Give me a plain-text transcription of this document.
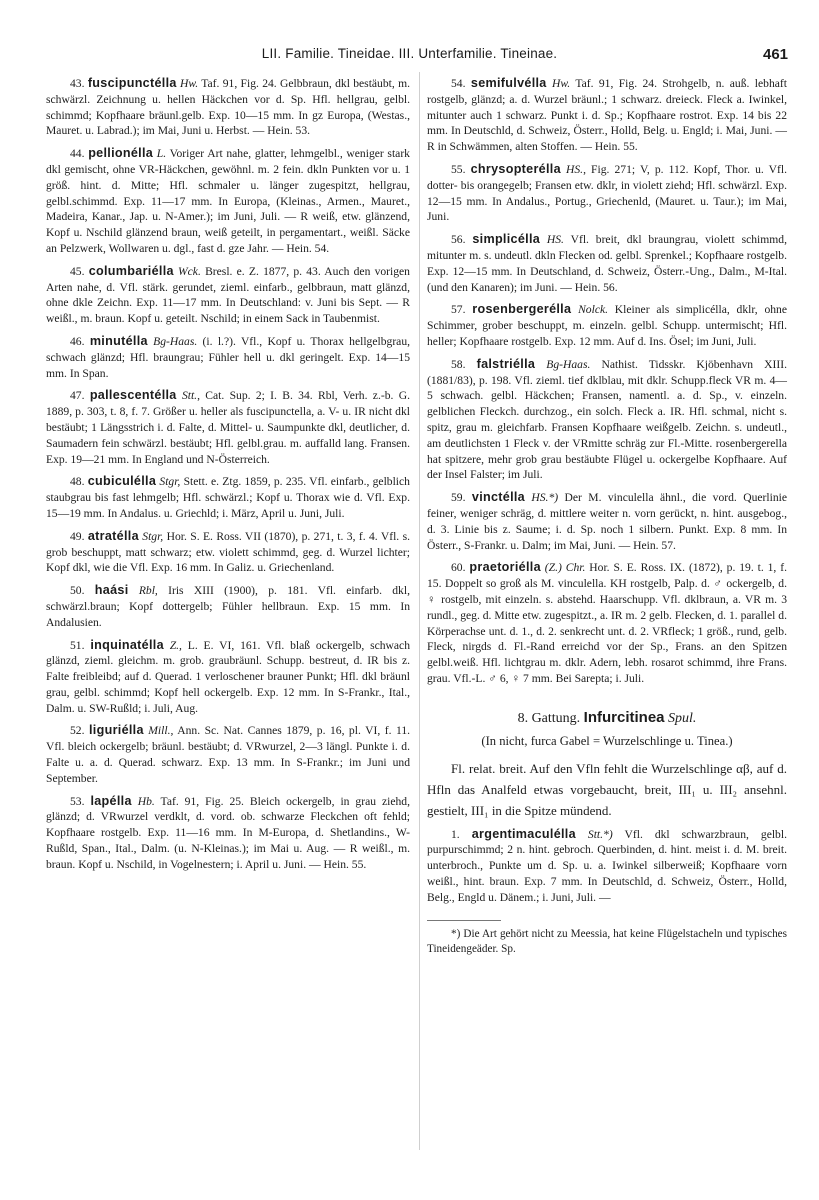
LII. Familie. Tineidae. III. Unterfamilie. Tineinae.	461

43. fuscipunctélla Hw. Taf. 91, Fig. 24. Gelbbraun, dkl bestäubt, m. schwärzl. Zeichnung u. hellen Häckchen vor d. Sp. Hfl. hellgrau, gelbl. schimmd; Kopfhaare bräunl.gelb. Exp. 10—15 mm. In gz Europa, (Westas., Mauret. u. Labrad.); im Mai, Juni u. Herbst. — Hein. 53.

44. pellionélla L. Voriger Art nahe, glatter, lehmgelbl., weniger stark dkl gemischt, ohne VR-Häckchen, gewöhnl. m. 2 fein. dkln Punkten vor u. 1 größ. hint. d. Mitte; Hfl. schmaler u. länger zugespitzt, hellgrau, gelbl.schimmd. Exp. 11—17 mm. In Europa, (Kleinas., Armen., Mauret., Madeira, Kanar., Jap. u. N-Amer.); im Juni, Juli. — R weiß, etw. glänzend, Kopf u. Nschild glänzend braun, weiß geteilt, in pergamentart., weißl. Säcke an Pelzwerk, Wollwaren u. dgl., fast d. gze Jahr. — Hein. 54.

45. columbariélla Wck. Bresl. e. Z. 1877, p. 43. Auch den vorigen Arten nahe, d. Vfl. stärk. gerundet, zieml. einfarb., gelbbraun, matt glänzd, ohne dkle Zeichn. Exp. 11—17 mm. In Deutschland: v. Juni bis Sept. — R weißl., m. braun. Kopf u. geteilt. Nschild; in einem Sack in Taubenmist.

46. minutélla Bg-Haas. (i. l.?). Vfl., Kopf u. Thorax hellgelbgrau, schwach glänzd; Hfl. braungrau; Fühler hell u. dkl geringelt. Exp. 14—15 mm. In Span.

47. pallescentélla Stt., Cat. Sup. 2; I. B. 34. Rbl, Verh. z.-b. G. 1889, p. 303, t. 8, f. 7. Größer u. heller als fuscipunctella, a. V- u. IR nicht dkl bestäubt; 1 Längsstrich i. d. Falte, d. Mittel- u. Saumpunkte dkl, deutlicher, d. Saumadern fein schwärzl. bestäubt; Hfl. gelbl.grau. m. auffalld lang. Fransen. Exp. 19—21 mm. In England und N-Österreich.

48. cubiculélla Stgr, Stett. e. Ztg. 1859, p. 235. Vfl. einfarb., gelblich staubgrau bis fast lehmgelb; Hfl. schwärzl.; Kopf u. Thorax wie d. Vfl. Exp. 15—19 mm. In Andalus. u. Griechld; i. März, April u. Juni, Juli.

49. atratélla Stgr, Hor. S. E. Ross. VII (1870), p. 271, t. 3, f. 4. Vfl. s. grob beschuppt, matt schwarz; etw. violett schimmd, geg. d. Wurzel lichter; Kopf dkl, wie die Vfl. Exp. 16 mm. In Galiz. u. Griechenland.

50. haási Rbl, Iris XIII (1900), p. 181. Vfl. einfarb. dkl, schwärzl.braun; Kopf dottergelb; Fühler hellbraun. Exp. 15 mm. In Andalusien.

51. inquinatélla Z., L. E. VI, 161. Vfl. blaß ockergelb, schwach glänzd, zieml. gleichm. m. grob. graubräunl. Schupp. bestreut, d. IR bis z. Falte freibleibd; auf d. Querad. 1 verloschener brauner Punkt; Hfl. dkl bräunl grau, gelbl. schimmd; Kopf hell ockergelb. Exp. 12 mm. In S-Frankr., Ital., Dalm. u. SW-Rußld; i. Juli, Aug.

52. liguriélla Mill., Ann. Sc. Nat. Cannes 1879, p. 16, pl. VI, f. 11. Vfl. bleich ockergelb; bräunl. bestäubt; d. VRwurzel, 2—3 längl. Punkte i. d. Falte u. a. d. Querad. schwarz. Exp. 13 mm. In S-Frankr.; im Juni und September.

53. lapélla Hb. Taf. 91, Fig. 25. Bleich ockergelb, in grau ziehd, glänzd; d. VRwurzel verdklt, d. vord. ob. schwarze Fleckchen oft fehld; Kopfhaare rostgelb. Exp. 11—16 mm. In M-Europa, d. Shetlandins., W-Rußld, Span., Ital., Dalm. (u. N-Kleinas.); im Mai u. Aug. — R weißl., m. braun. Kopf u. Nschild, in Vogelnestern; i. April u. Juni. — Hein. 55.

54. semifulvélla Hw. Taf. 91, Fig. 24. Strohgelb, n. auß. lebhaft rostgelb, glänzd; a. d. Wurzel bräunl.; 1 schwarz. dreieck. Fleck a. Iwinkel, mitunter auch 1 schwarz. Punkt i. d. Sp.; Kopfhaare rostrot. Exp. 14 bis 22 mm. In Deutschld, d. Schweiz, Österr., Holld, Belg. u. Engld; i. Mai, Juni. — R in Schwämmen, alten Stoffen. — Hein. 55.

55. chrysopterélla HS., Fig. 271; V, p. 112. Kopf, Thor. u. Vfl. dotter- bis orangegelb; Fransen etw. dklr, in violett ziehd; Hfl. schwärzl. Exp. 12—15 mm. In Andalus., Portug., Griechenld, (Mauret. u. Taur.); im Mai, Juni.

56. simplicélla HS. Vfl. breit, dkl braungrau, violett schimmd, mitunter m. s. undeutl. dkln Flecken od. gelbl. Sprenkel.; Kopfhaare rostgelb. Exp. 12—15 mm. In Deutschland, d. Schweiz, Österr.-Ung., Dalm., M-Ital. (und den Kanaren); im Juni. — Hein. 56.

57. rosenbergerélla Nolck. Kleiner als simplicélla, dklr, ohne Schimmer, grober beschuppt, m. einzeln. gelbl. Schupp. untermischt; Hfl. heller; Kopfhaare rostgelb. Exp. 12 mm. Auf d. Ins. Ösel; im Juni, Juli.

58. falstriélla Bg-Haas. Nathist. Tidsskr. Kjöbenhavn XIII. (1881/83), p. 198. Vfl. zieml. tief dklblau, mit dklr. Schupp.fleck VR m. 4—5 schwach. gelbl. Häckchen; Fransen, namentl. a. d. Sp., v. einzeln. gelblichen Fleckch. durchzog., ein solch. Fleck a. IR. Hfl. schmal, nicht s. spitz, grau m. gleichfarb. Fransen Kopfhaare weißgelb. Zeichn. s. undeutl., am deutlichsten 1 Fleck v. der VRmitte schräg zur Fl.-Mitte. rosenbergerella hat spitzere, mehr grob grau bestäubte Flügel u. ockergelbe Kopfhaare. Auf der Insel Falster; im Juli.

59. vinctélla HS.*) Der M. vinculella ähnl., die vord. Querlinie feiner, weniger schräg, d. mittlere weiter n. vorn gerückt, n. hint. ausgebog., d. 3. Linie bis z. Saume; i. d. Sp. noch 1 silbern. Punkt. Exp. 8 mm. In Österr., S-Frankr. u. Dalm; im Mai, Juni. — Hein. 57.

60. praetoriélla (Z.) Chr. Hor. S. E. Ross. IX. (1872), p. 19. t. 1, f. 15. Doppelt so groß als M. vinculella. KH rostgelb, Palp. d. ♂ ockergelb, d. ♀ rostgelb, mit einzeln. s. abstehd. Haarschupp. Vfl. dklbraun, a. VR m. 3 rundl., geg. d. Mitte etw. zugespitzt., a. IR m. 2 gelb. Flecken, d. 1. parallel d. Körperachse unt. d. 1., d. 2. senkrecht unt. d. 2. VRfleck; 1 größ., rund, gelb. Fleck, nirgds d. Fl.-Rand erreichd vor der Sp., Frans. an den Spitzen gelbl.weiß. Hfl. lichtgrau m. dklr. Adern, lebh. rosarot schimmd, ihre Frans. grau. Vfl.-L. ♂ 6, ♀ 7 mm. Bei Sarepta; i. Juli.

8. Gattung. Infurcitinea Spul.

(In nicht, furca Gabel = Wurzelschlinge u. Tinea.)

Fl. relat. breit. Auf den Vfln fehlt die Wurzelschlinge αβ, auf d. Hfln das Analfeld etwas vorgebaucht, breit, III₁ u. III₂ ansehnl. gestielt, III₁ in die Spitze mündend.

1. argentimaculélla Stt.*) Vfl. dkl schwarzbraun, gelbl. purpurschimmd; 2 n. hint. gebroch. Querbinden, d. hint. meist i. d. M. breit. unterbroch., Punkte um d. Sp. u. a. Iwinkel silberweiß; Kopfhaare vorn weißl., hint. braun. Exp. 7 mm. In Deutschld, d. Schweiz, Österr., Holld, Belg., Engld u. Dänem.; i. Juni, Juli. —

*) Die Art gehört nicht zu Meessia, hat keine Flügelstacheln und typisches Tineidengeäder. Sp.
